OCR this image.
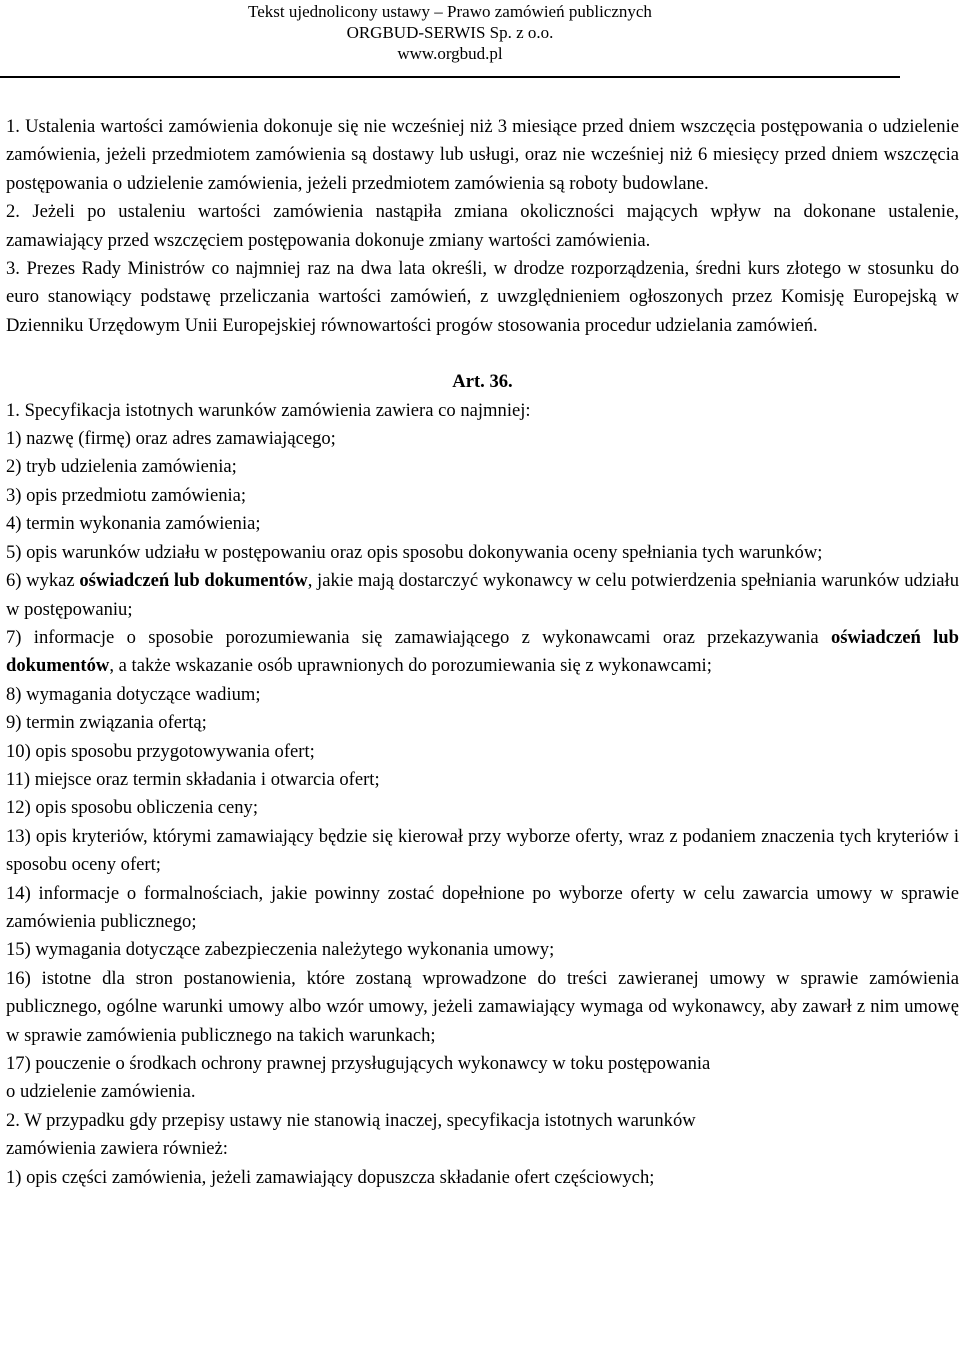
Tekst ujednolicony ustawy – Prawo zamówień publicznych
ORGBUD-SERWIS Sp. z o.o.
www.orgbud.pl

1. Ustalenia wartości zamówienia dokonuje się nie wcześniej niż 3 miesiące przed dniem wszczęcia postępowania o udzielenie zamówienia, jeżeli przedmiotem zamówienia są dostawy lub usługi, oraz nie wcześniej niż 6 miesięcy przed dniem wszczęcia postępowania o udzielenie zamówienia, jeżeli przedmiotem zamówienia są roboty budowlane.

2. Jeżeli po ustaleniu wartości zamówienia nastąpiła zmiana okoliczności mających wpływ na dokonane ustalenie, zamawiający przed wszczęciem postępowania dokonuje zmiany wartości zamówienia.

3. Prezes Rady Ministrów co najmniej raz na dwa lata określi, w drodze rozporządzenia, średni kurs złotego w stosunku do euro stanowiący podstawę przeliczania wartości zamówień, z uwzględnieniem ogłoszonych przez Komisję Europejską w Dzienniku Urzędowym Unii Europejskiej równowartości progów stosowania procedur udzielania zamówień.

Art. 36.

1. Specyfikacja istotnych warunków zamówienia zawiera co najmniej:

1) nazwę (firmę) oraz adres zamawiającego;

2) tryb udzielenia zamówienia;

3) opis przedmiotu zamówienia;

4) termin wykonania zamówienia;

5) opis warunków udziału w postępowaniu oraz opis sposobu dokonywania oceny spełniania tych warunków;

6) wykaz oświadczeń lub dokumentów, jakie mają dostarczyć wykonawcy w celu potwierdzenia spełniania warunków udziału w postępowaniu;

7) informacje o sposobie porozumiewania się zamawiającego z wykonawcami oraz przekazywania oświadczeń lub dokumentów, a także wskazanie osób uprawnionych do porozumiewania się z wykonawcami;

8) wymagania dotyczące wadium;

9) termin związania ofertą;

10) opis sposobu przygotowywania ofert;

11) miejsce oraz termin składania i otwarcia ofert;

12) opis sposobu obliczenia ceny;

13) opis kryteriów, którymi zamawiający będzie się kierował przy wyborze oferty, wraz z podaniem znaczenia tych kryteriów i sposobu oceny ofert;

14) informacje o formalnościach, jakie powinny zostać dopełnione po wyborze oferty w celu zawarcia umowy w sprawie zamówienia publicznego;

15) wymagania dotyczące zabezpieczenia należytego wykonania umowy;

16) istotne dla stron postanowienia, które zostaną wprowadzone do treści zawieranej umowy w sprawie zamówienia publicznego, ogólne warunki umowy albo wzór umowy, jeżeli zamawiający wymaga od wykonawcy, aby zawarł z nim umowę w sprawie zamówienia publicznego na takich warunkach;

17) pouczenie o środkach ochrony prawnej przysługujących wykonawcy w toku postępowania
o udzielenie zamówienia.

2. W przypadku gdy przepisy ustawy nie stanowią inaczej, specyfikacja istotnych warunków
zamówienia zawiera również:

1) opis części zamówienia, jeżeli zamawiający dopuszcza składanie ofert częściowych;
